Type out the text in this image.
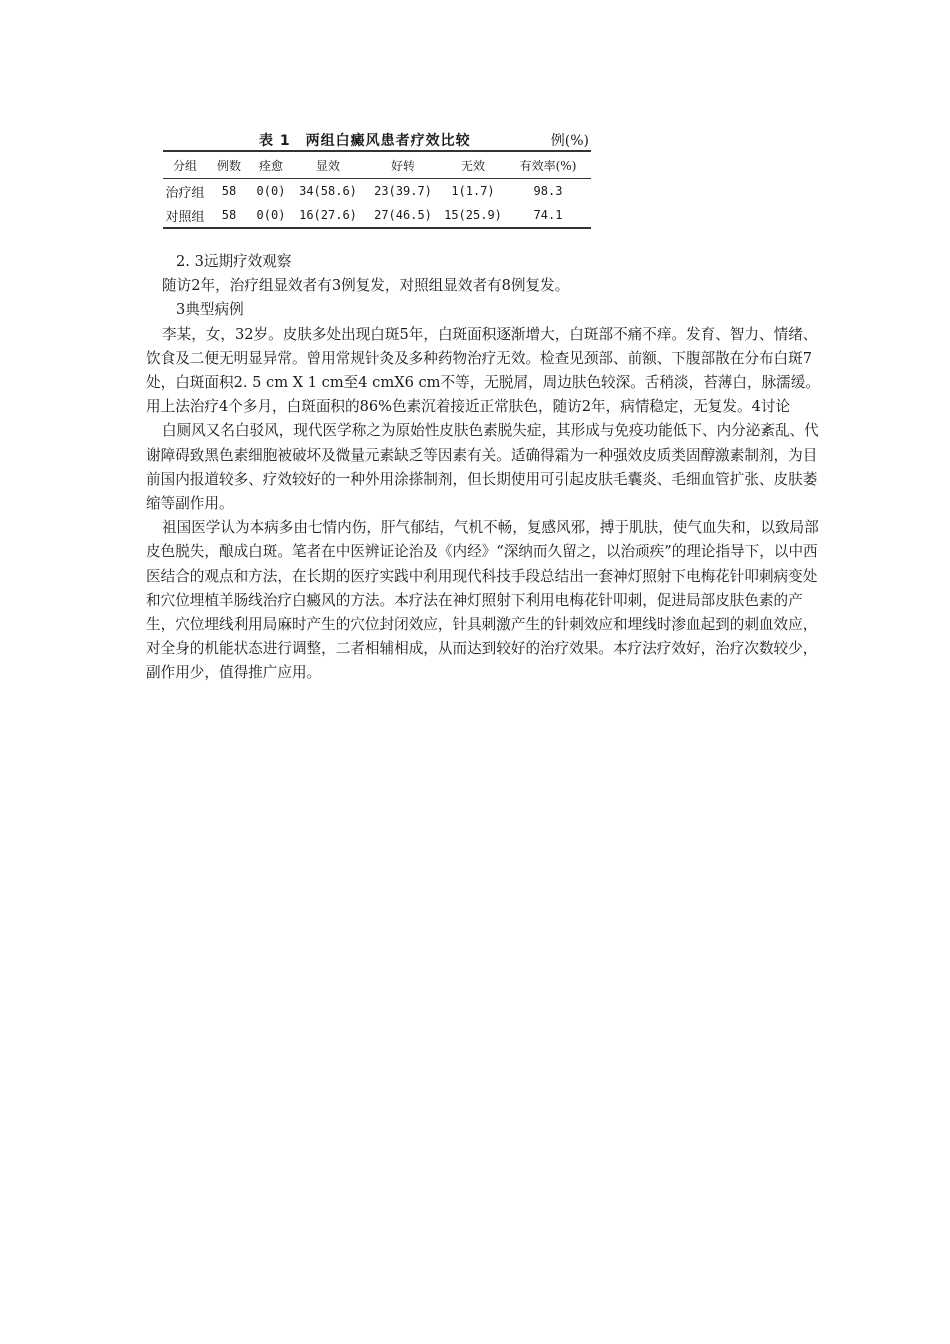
表 1　两组白癜风患者疗效比较	例(%)
分组	例数	痊愈	显效	好转	无效	有效率(%)
治疗组	58	0(0)	34(58.6)	23(39.7)	1(1.7)	98.3
对照组	58	0(0)	16(27.6)	27(46.5)	15(25.9)	74.1

2. 3远期疗效观察

随访2年，治疗组显效者有3例复发，对照组显效者有8例复发。

3典型病例

李某，女，32岁。皮肤多处出现白斑5年，白斑面积逐渐增大，白斑部不痛不痒。发育、智力、情绪、饮食及二便无明显异常。曾用常规针灸及多种药物治疗无效。检查见颈部、前额、下腹部散在分布白斑7处，白斑面积2. 5 cm X 1 cm至4 cmX6 cm不等，无脱屑，周边肤色较深。舌稍淡，苔薄白，脉濡缓。用上法治疗4个多月，白斑面积的86%色素沉着接近正常肤色，随访2年，病情稳定，无复发。4讨论

白厕风又名白驳风，现代医学称之为原始性皮肤色素脱失症，其形成与免疫功能低下、内分泌紊乱、代谢障碍致黑色素细胞被破坏及微量元素缺乏等因素有关。适确得霜为一种强效皮质类固醇激素制剂，为目前国内报道较多、疗效较好的一种外用涂搽制剂，但长期使用可引起皮肤毛囊炎、毛细血管扩张、皮肤萎缩等副作用。

祖国医学认为本病多由七情内伤，肝气郁结，气机不畅，复感风邪，搏于肌肤，使气血失和，以致局部皮色脱失，酿成白斑。笔者在中医辨证论治及《内经》“深纳而久留之，以治顽疾”的理论指导下，以中西医结合的观点和方法，在长期的医疗实践中利用现代科技手段总结出一套神灯照射下电梅花针叩刺病变处和穴位埋植羊肠线治疗白癜风的方法。本疗法在神灯照射下利用电梅花针叩刺，促进局部皮肤色素的产生，穴位埋线利用局麻时产生的穴位封闭效应，针具刺激产生的针刺效应和埋线时渗血起到的刺血效应，对全身的机能状态进行调整，二者相辅相成，从而达到较好的治疗效果。本疗法疗效好，治疗次数较少，副作用少，值得推广应用。
